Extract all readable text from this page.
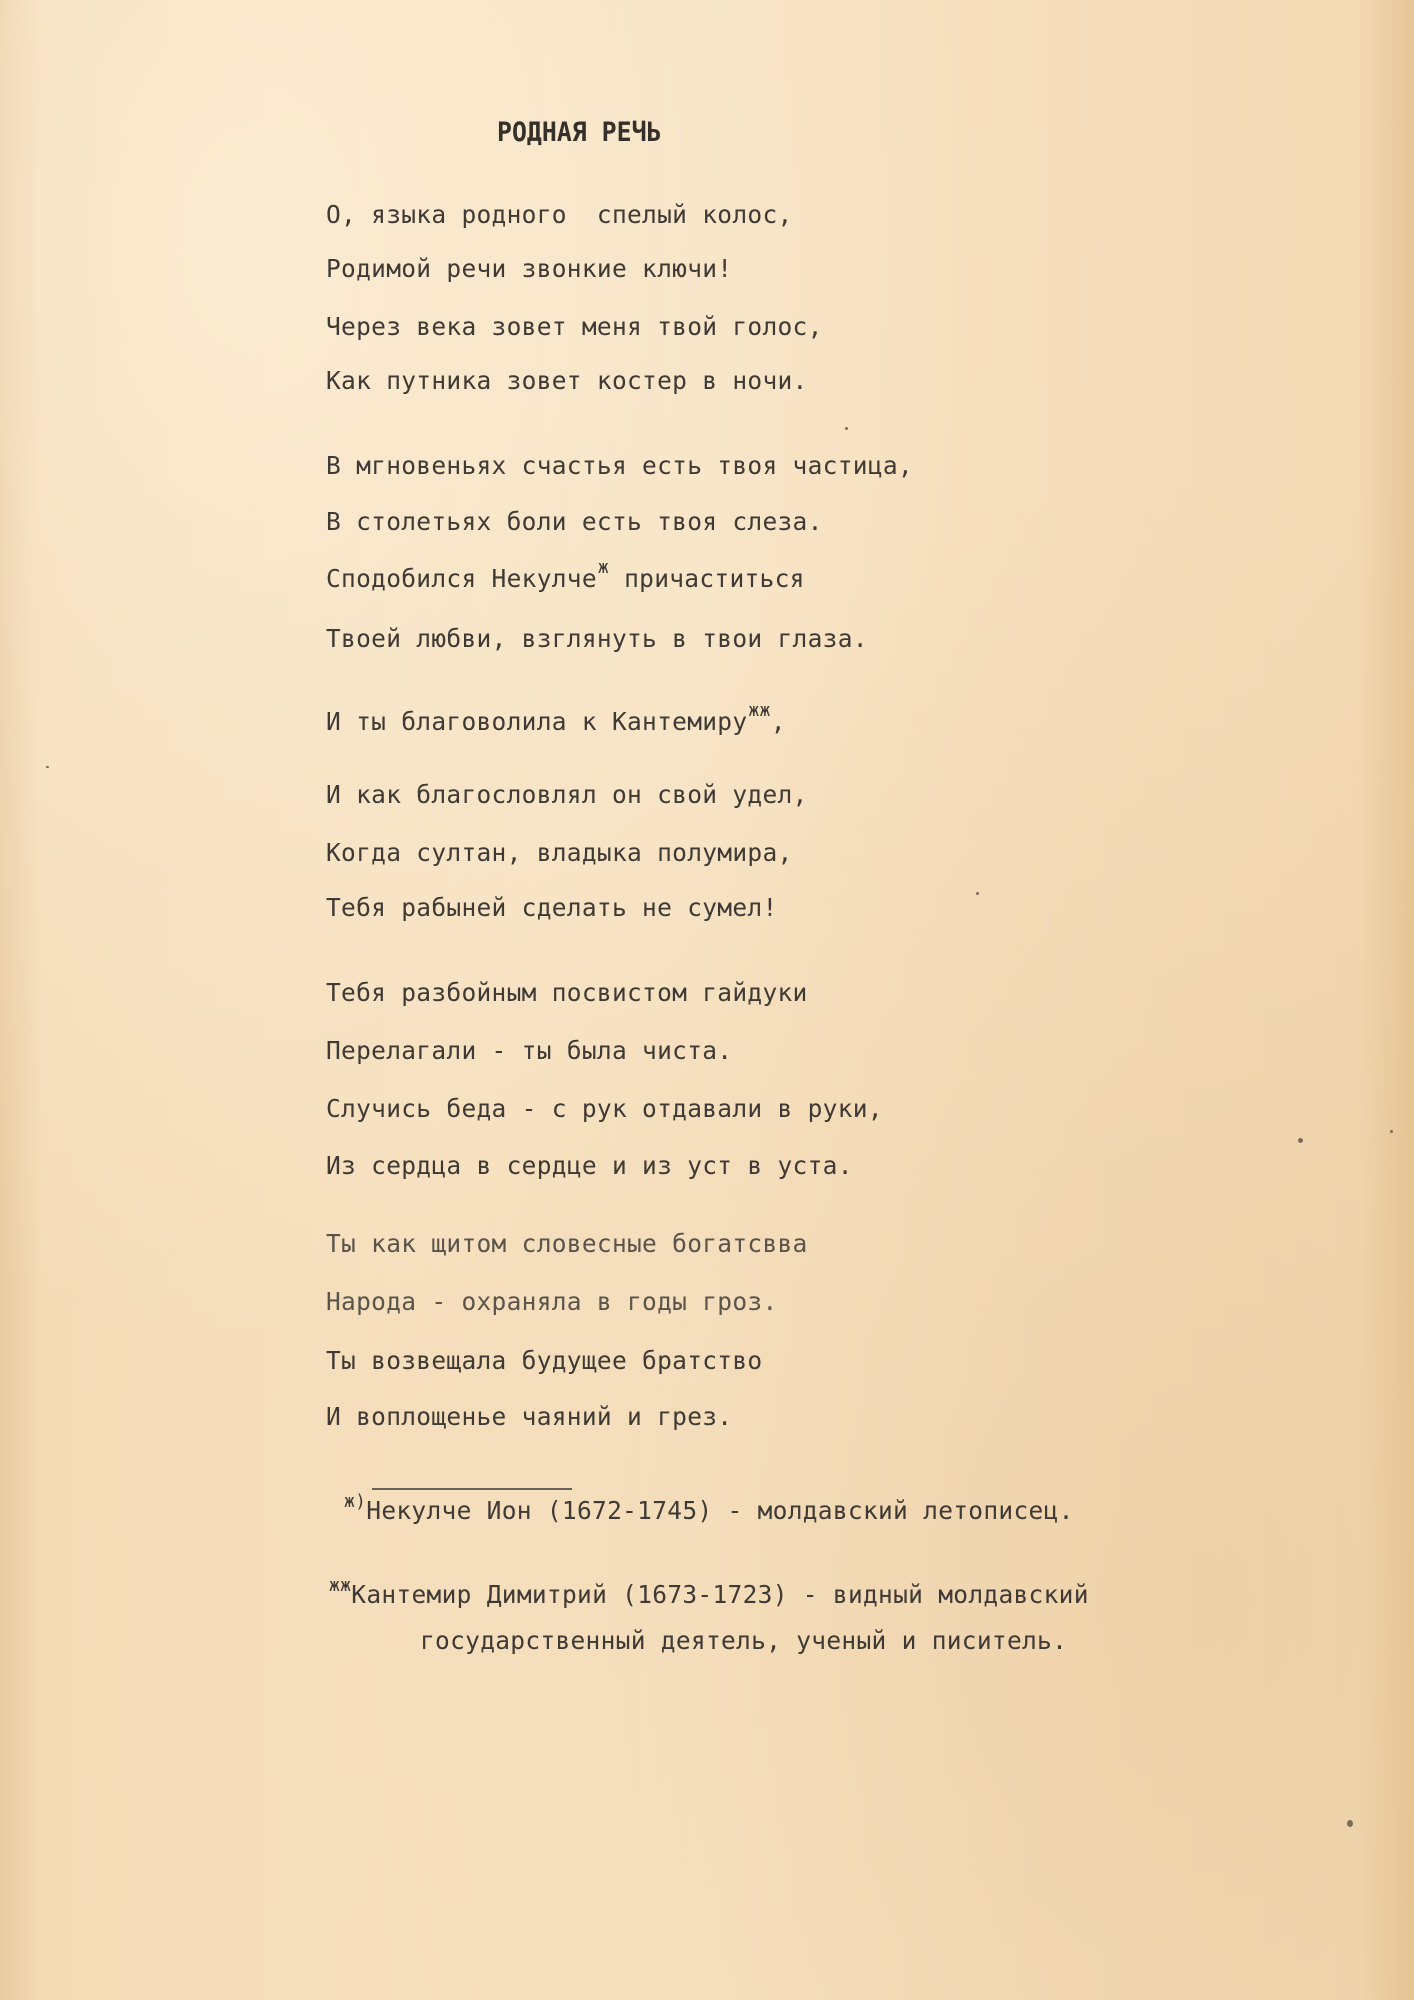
РОДНАЯ РЕЧЬ
О, языка родного  спелый колос,
Родимой речи звонкие ключи!
Через века зовет меня твой голос,
Как путника зовет костер в ночи.
В мгновеньях счастья есть твоя частица,
В столетьях боли есть твоя слеза.
Сподобился Некулче$^ж$ причаститься
Твоей любви, взглянуть в твои глаза.
И ты благоволила к Кантемиру$^{жж}$,
И как благословлял он свой удел,
Когда султан, владыка полумира,
Тебя рабыней сделать не сумел!
Тебя разбойным посвистом гайдуки
Перелагали - ты была чиста.
Случись беда - с рук отдавали в руки,
Из сердца в сердце и из уст в уста.
Ты как щитом словесные богатсвва
Народа - охраняла в годы гроз.
Ты возвещала будущее братство
И воплощенье чаяний и грез.
$^{ж)}$Некулче Ион (1672-1745) - молдавский летописец.
$^{жж}$Кантемир Димитрий (1673-1723) - видный молдавский
государственный деятель, ученый и писитель.
